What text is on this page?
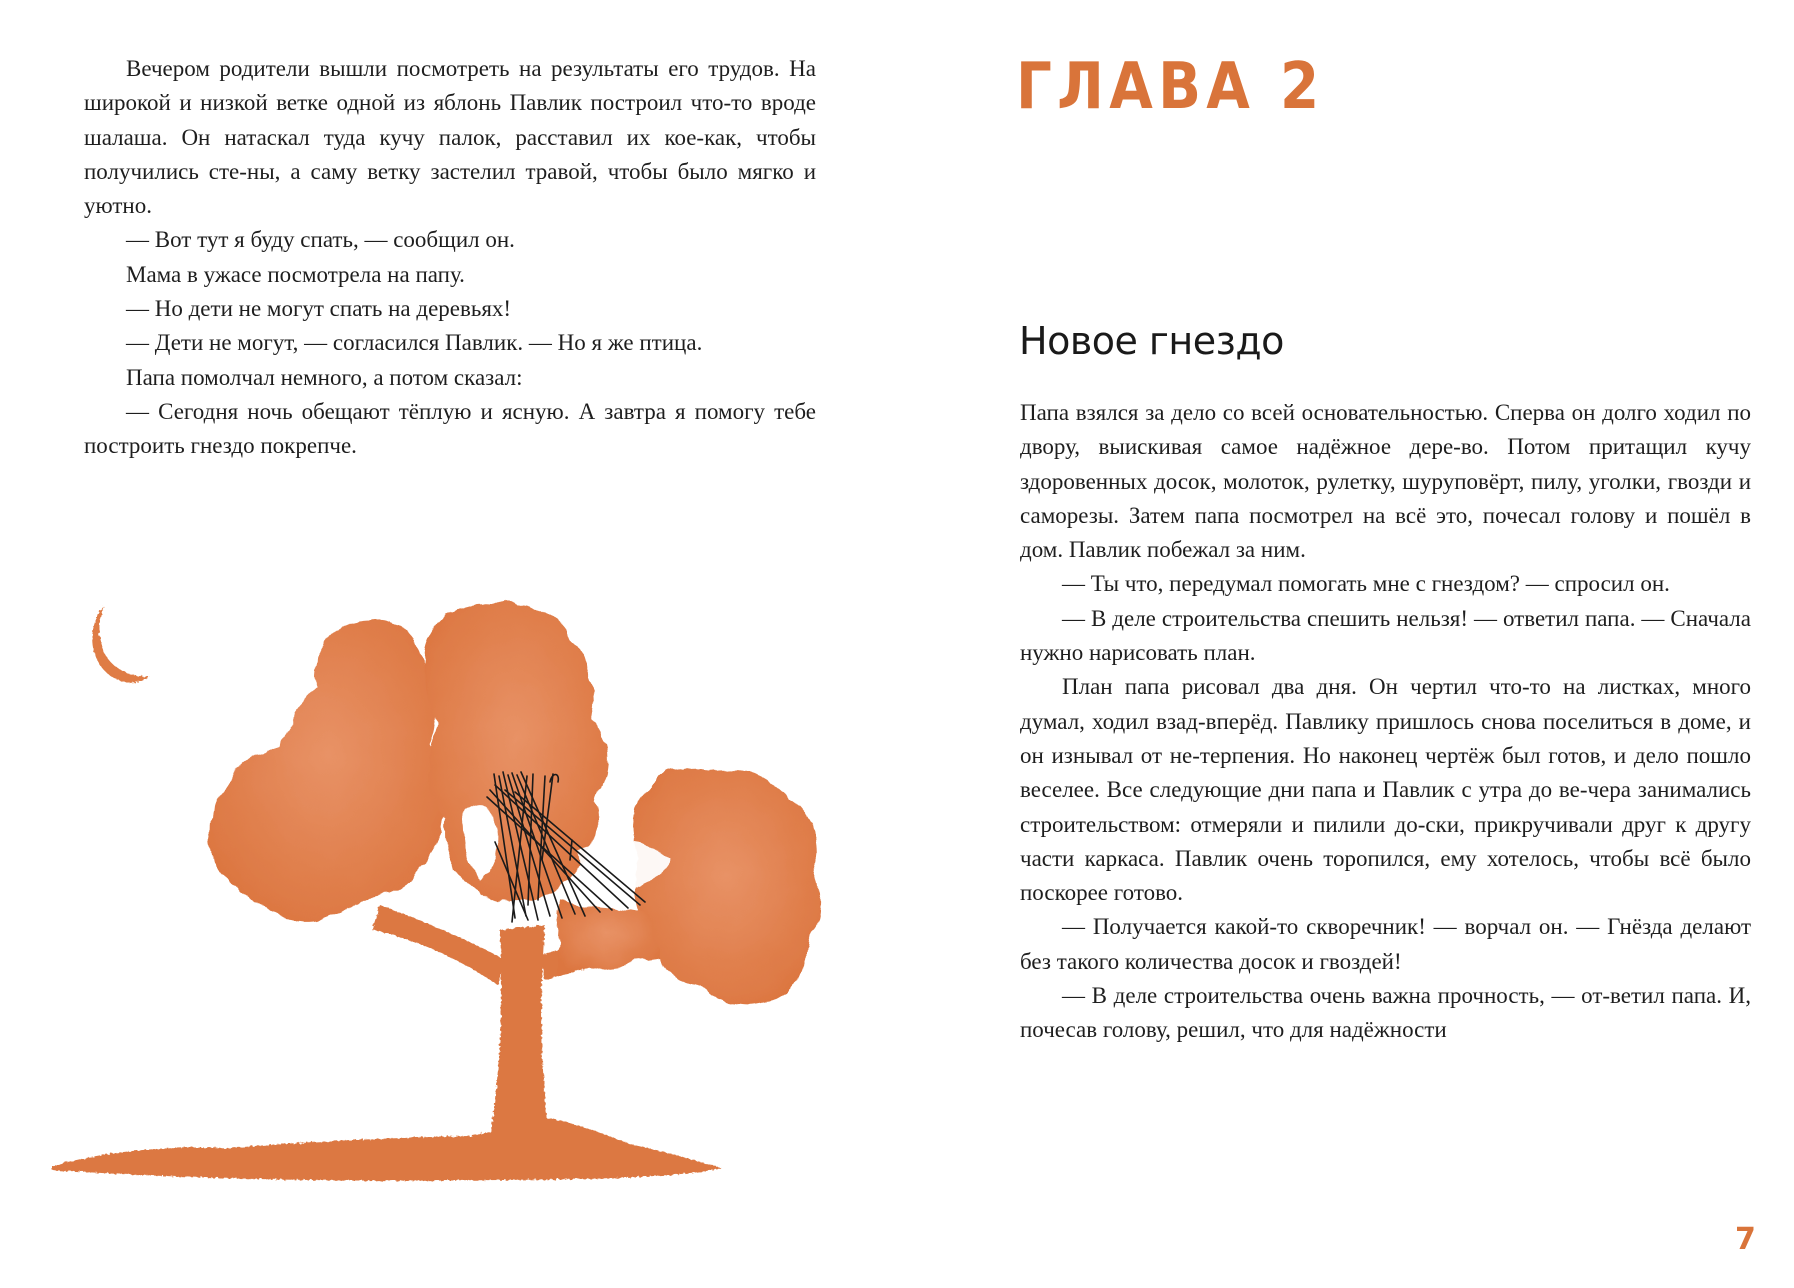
Вечером родители вышли посмотреть на результаты его трудов. На широкой и низкой ветке одной из яблонь Павлик построил что-то вроде шалаша. Он натаскал туда кучу палок, расставил их кое-как, чтобы получились сте-ны, а саму ветку застелил травой, чтобы было мягко и уютно.

— Вот тут я буду спать, — сообщил он.

Мама в ужасе посмотрела на папу.

— Но дети не могут спать на деревьях!

— Дети не могут, — согласился Павлик. — Но я же птица.

Папа помолчал немного, а потом сказал:

— Сегодня ночь обещают тёплую и ясную. А завтра я помогу тебе построить гнездо покрепче.

ГЛАВА 2
Новое гнездо

Папа взялся за дело со всей основательностью. Сперва он долго ходил по двору, выискивая самое надёжное дере-во. Потом притащил кучу здоровенных досок, молоток, рулетку, шуруповёрт, пилу, уголки, гвозди и саморезы. Затем папа посмотрел на всё это, почесал голову и пошёл в дом. Павлик побежал за ним.

— Ты что, передумал помогать мне с гнездом? — спросил он.

— В деле строительства спешить нельзя! — ответил папа. — Сначала нужно нарисовать план.

План папа рисовал два дня. Он чертил что-то на листках, много думал, ходил взад-вперёд. Павлику пришлось снова поселиться в доме, и он изнывал от не-терпения. Но наконец чертёж был готов, и дело пошло веселее. Все следующие дни папа и Павлик с утра до ве-чера занимались строительством: отмеряли и пилили до-ски, прикручивали друг к другу части каркаса. Павлик очень торопился, ему хотелось, чтобы всё было поскорее готово.

— Получается какой-то скворечник! — ворчал он. — Гнёзда делают без такого количества досок и гвоздей!

— В деле строительства очень важна прочность, — от-ветил папа. И, почесав голову, решил, что для надёжности

7
